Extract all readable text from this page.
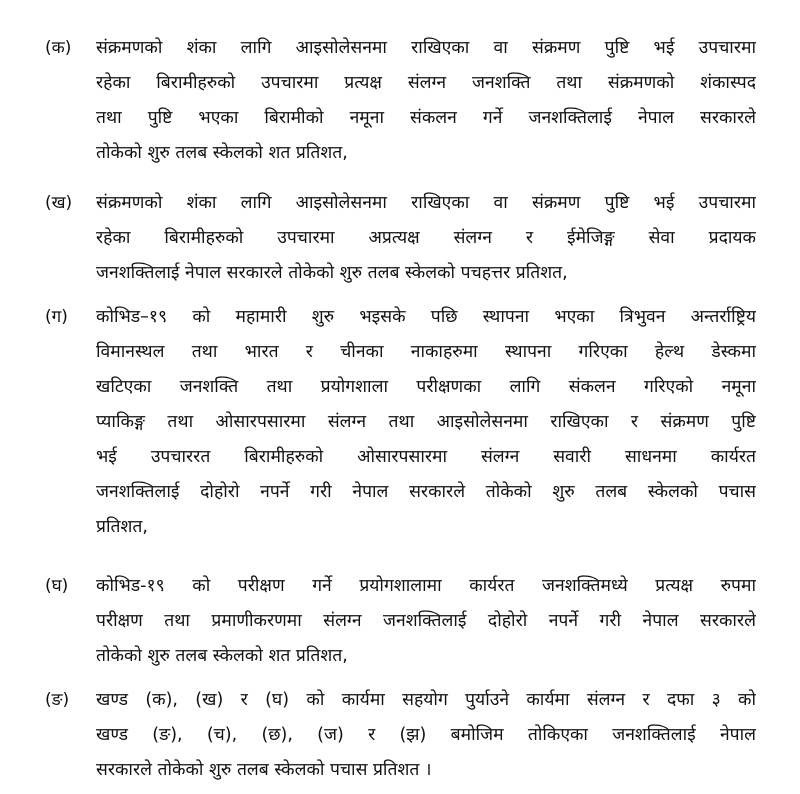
(क) संक्रमणको शंका लागि आइसोलेसनमा राखिएका वा संक्रमण पुष्टि भई उपचारमा
रहेका बिरामीहरुको उपचारमा प्रत्यक्ष संलग्न जनशक्ति तथा संक्रमणको शंकास्पद
तथा पुष्टि भएका बिरामीको नमूना संकलन गर्ने जनशक्तिलाई नेपाल सरकारले
तोकेको शुरु तलब स्केलको शत प्रतिशत,
(ख) संक्रमणको शंका लागि आइसोलेसनमा राखिएका वा संक्रमण पुष्टि भई उपचारमा
रहेका बिरामीहरुको उपचारमा अप्रत्यक्ष संलग्न र ईमेजिङ्ग सेवा प्रदायक
जनशक्तिलाई नेपाल सरकारले तोकेको शुरु तलब स्केलको पचहत्तर प्रतिशत,
(ग) कोभिड–१९ को महामारी शुरु भइसके पछि स्थापना भएका त्रिभुवन अन्तर्राष्ट्रिय
विमानस्थल तथा भारत र चीनका नाकाहरुमा स्थापना गरिएका हेल्थ डेस्कमा
खटिएका जनशक्ति तथा प्रयोगशाला परीक्षणका लागि संकलन गरिएको नमूना
प्याकिङ्ग तथा ओसारपसारमा संलग्न तथा आइसोलेसनमा राखिएका र संक्रमण पुष्टि
भई उपचाररत बिरामीहरुको ओसारपसारमा संलग्न सवारी साधनमा कार्यरत
जनशक्तिलाई दोहोरो नपर्ने गरी नेपाल सरकारले तोकेको शुरु तलब स्केलको पचास
प्रतिशत,
(घ) कोभिड-१९ को परीक्षण गर्ने प्रयोगशालामा कार्यरत जनशक्तिमध्ये प्रत्यक्ष रुपमा
परीक्षण तथा प्रमाणीकरणमा संलग्न जनशक्तिलाई दोहोरो नपर्ने गरी नेपाल सरकारले
तोकेको शुरु तलब स्केलको शत प्रतिशत,
(ङ) खण्ड (क), (ख) र (घ) को कार्यमा सहयोग पुर्याउने कार्यमा संलग्न र दफा ३ को
खण्ड (ङ), (च), (छ), (ज) र (झ) बमोजिम तोकिएका जनशक्तिलाई नेपाल
सरकारले तोकेको शुरु तलब स्केलको पचास प्रतिशत ।
